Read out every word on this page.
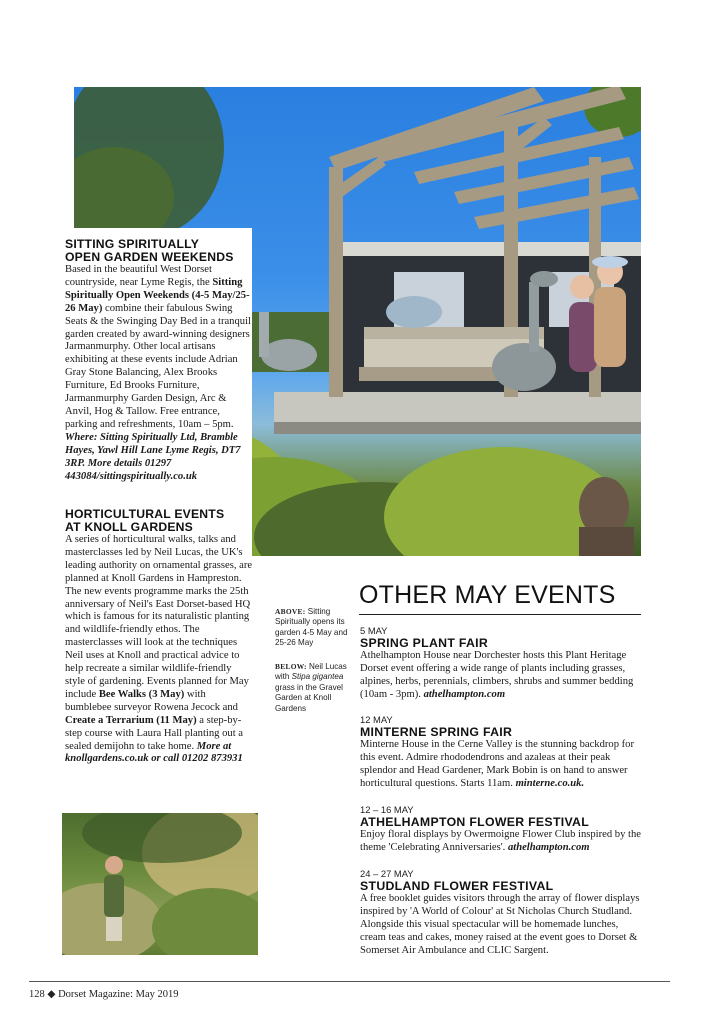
SITTING SPIRITUALLY
OPEN GARDEN WEEKENDS
Based in the beautiful West Dorset countryside, near Lyme Regis, the Sitting Spiritually Open Weekends (4-5 May/25-26 May) combine their fabulous Swing Seats & the Swinging Day Bed in a tranquil garden created by award-winning designers Jarmanmurphy. Other local artisans exhibiting at these events include Adrian Gray Stone Balancing, Alex Brooks Furniture, Ed Brooks Furniture, Jarmanmurphy Garden Design, Arc & Anvil, Hog & Tallow. Free entrance, parking and refreshments, 10am – 5pm. Where: Sitting Spiritually Ltd, Bramble Hayes, Yawl Hill Lane Lyme Regis, DT7 3RP. More details 01297 443084/sittingspiritually.co.uk
HORTICULTURAL EVENTS
AT KNOLL GARDENS
A series of horticultural walks, talks and masterclasses led by Neil Lucas, the UK's leading authority on ornamental grasses, are planned at Knoll Gardens in Hampreston. The new events programme marks the 25th anniversary of Neil's East Dorset-based HQ which is famous for its naturalistic planting and wildlife-friendly ethos. The masterclasses will look at the techniques Neil uses at Knoll and practical advice to help recreate a similar wildlife-friendly style of gardening. Events planned for May include Bee Walks (3 May) with bumblebee surveyor Rowena Jecock and Create a Terrarium (11 May) a step-by-step course with Laura Hall planting out a sealed demijohn to take home. More at knollgardens.co.uk or call 01202 873931
ABOVE: Sitting Spiritually opens its garden 4-5 May and 25-26 May
BELOW: Neil Lucas with Stipa gigantea grass in the Gravel Garden at Knoll Gardens
OTHER MAY EVENTS
5 MAY
SPRING PLANT FAIR
Athelhampton House near Dorchester hosts this Plant Heritage Dorset event offering a wide range of plants including grasses, alpines, herbs, perennials, climbers, shrubs and summer bedding (10am - 3pm). athelhampton.com
12 MAY
MINTERNE SPRING FAIR
Minterne House in the Cerne Valley is the stunning backdrop for this event. Admire rhododendrons and azaleas at their peak splendor and Head Gardener, Mark Bobin is on hand to answer horticultural questions. Starts 11am. minterne.co.uk.
12 – 16 MAY
ATHELHAMPTON FLOWER FESTIVAL
Enjoy floral displays by Owermoigne Flower Club inspired by the theme 'Celebrating Anniversaries'. athelhampton.com
24 – 27 MAY
STUDLAND FLOWER FESTIVAL
A free booklet guides visitors through the array of flower displays inspired by 'A World of Colour' at St Nicholas Church Studland. Alongside this visual spectacular will be homemade lunches, cream teas and cakes, money raised at the event goes to Dorset & Somerset Air Ambulance and CLIC Sargent.
128 ◆ Dorset Magazine: May 2019
